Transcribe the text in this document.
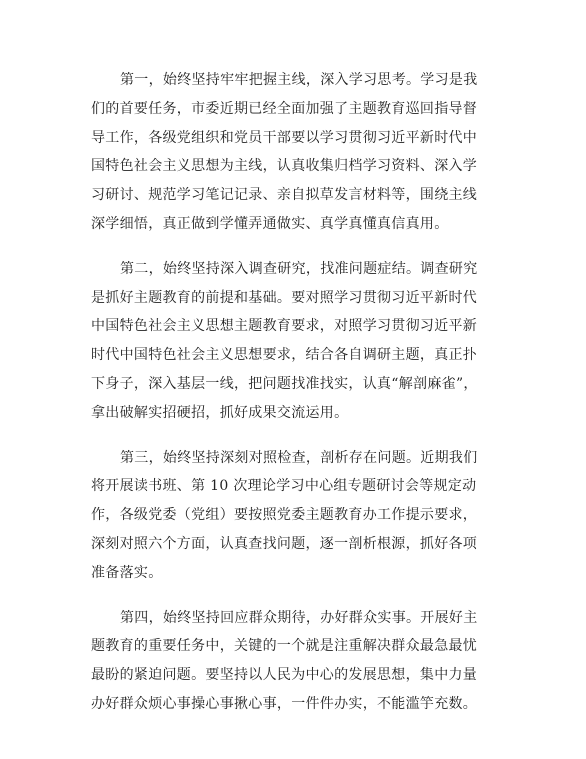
第一，始终坚持牢牢把握主线，深入学习思考。学习是我
们的首要任务，市委近期已经全面加强了主题教育巡回指导督
导工作，各级党组织和党员干部要以学习贯彻习近平新时代中
国特色社会主义思想为主线，认真收集归档学习资料、深入学
习研讨、规范学习笔记记录、亲自拟草发言材料等，围绕主线
深学细悟，真正做到学懂弄通做实、真学真懂真信真用。

第二，始终坚持深入调查研究，找准问题症结。调查研究
是抓好主题教育的前提和基础。要对照学习贯彻习近平新时代
中国特色社会主义思想主题教育要求，对照学习贯彻习近平新
时代中国特色社会主义思想要求，结合各自调研主题，真正扑
下身子，深入基层一线，把问题找准找实，认真“解剖麻雀”，
拿出破解实招硬招，抓好成果交流运用。

第三，始终坚持深刻对照检查，剖析存在问题。近期我们
将开展读书班、第 10 次理论学习中心组专题研讨会等规定动
作，各级党委（党组）要按照党委主题教育办工作提示要求，
深刻对照六个方面，认真查找问题，逐一剖析根源，抓好各项
准备落实。

第四，始终坚持回应群众期待，办好群众实事。开展好主
题教育的重要任务中，关键的一个就是注重解决群众最急最忧
最盼的紧迫问题。要坚持以人民为中心的发展思想，集中力量
办好群众烦心事操心事揪心事，一件件办实，不能滥竽充数。
